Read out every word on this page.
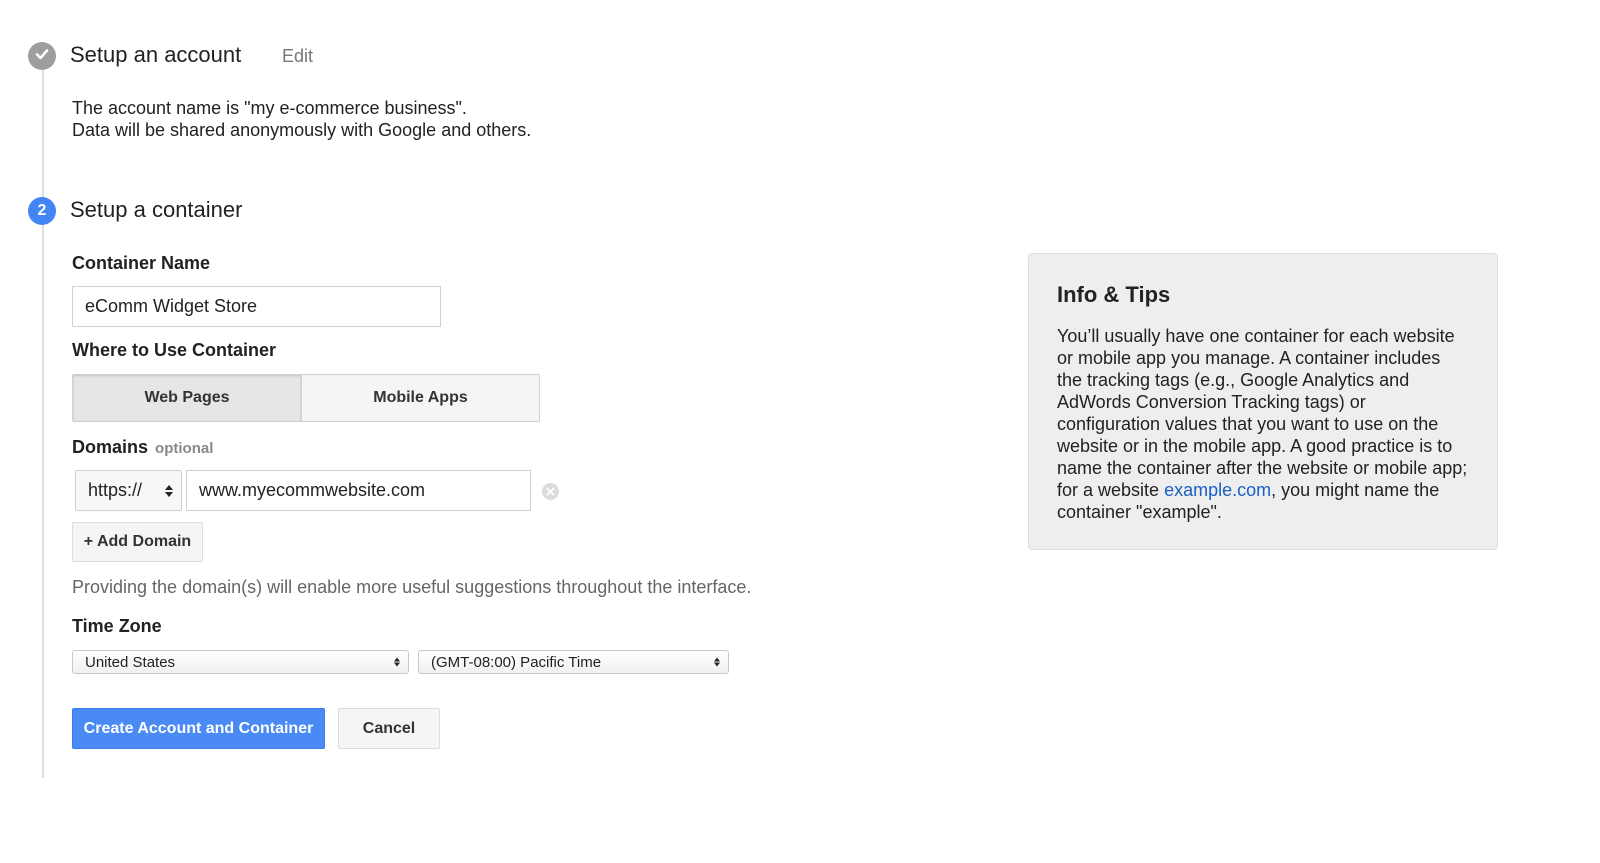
Setup an account Edit
The account name is "my e-commerce business".
Data will be shared anonymously with Google and others.
2 Setup a container
Container Name
eComm Widget Store
Where to Use Container
Web Pages	Mobile Apps
Domains optional
https://	www.myecommwebsite.com
+ Add Domain
Providing the domain(s) will enable more useful suggestions throughout the interface.
Time Zone
United States	(GMT-08:00) Pacific Time
Create Account and Container	Cancel
Info & Tips
You’ll usually have one container for each website or mobile app you manage. A container includes the tracking tags (e.g., Google Analytics and AdWords Conversion Tracking tags) or configuration values that you want to use on the website or in the mobile app. A good practice is to name the container after the website or mobile app; for a website example.com, you might name the container "example".
